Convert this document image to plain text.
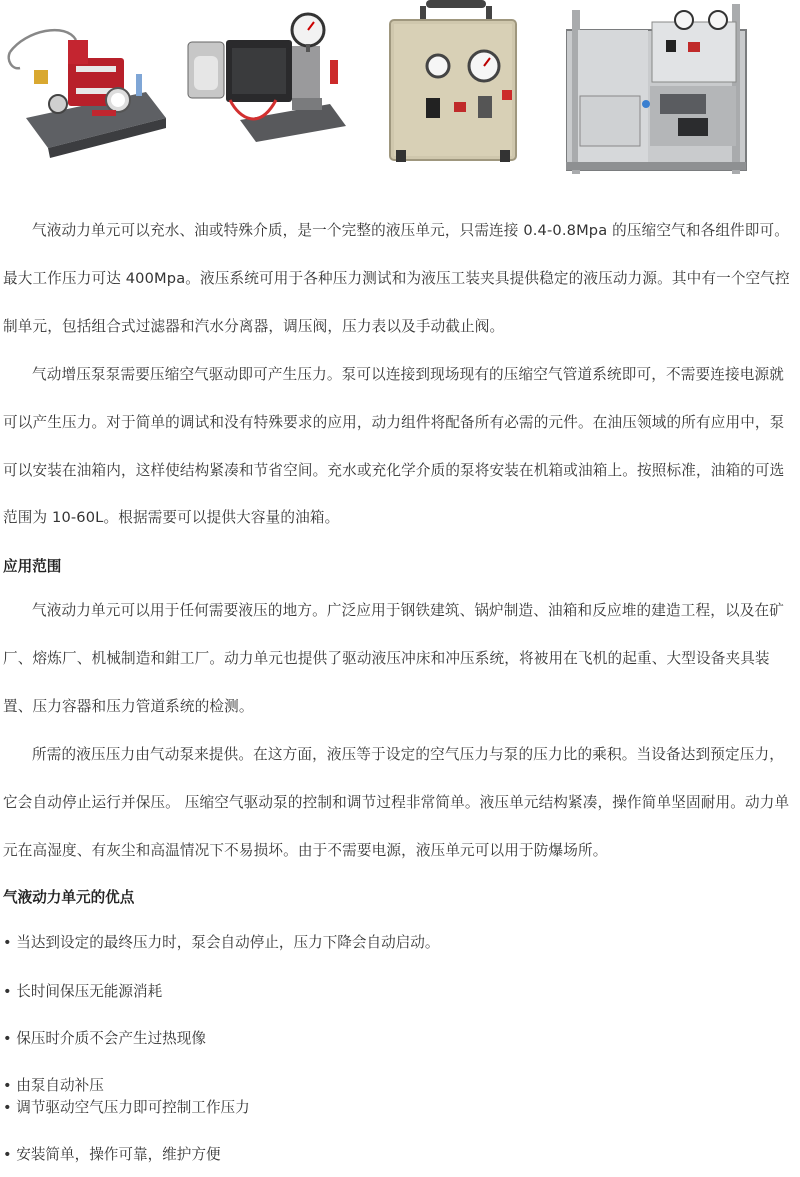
气液动力单元可以充水、油或特殊介质，是一个完整的液压单元，只需连接 0.4-0.8Mpa 的压缩空气和各组件即可。最大工作压力可达 400Mpa。液压系统可用于各种压力测试和为液压工装夹具提供稳定的液压动力源。其中有一个空气控制单元，包括组合式过滤器和汽水分离器，调压阀，压力表以及手动截止阀。

气动增压泵泵需要压缩空气驱动即可产生压力。泵可以连接到现场现有的压缩空气管道系统即可，不需要连接电源就可以产生压力。对于简单的调试和没有特殊要求的应用，动力组件将配备所有必需的元件。在油压领域的所有应用中，泵可以安装在油箱内，这样使结构紧凑和节省空间。充水或充化学介质的泵将安装在机箱或油箱上。按照标准，油箱的可选范围为 10-60L。根据需要可以提供大容量的油箱。

应用范围

气液动力单元可以用于任何需要液压的地方。广泛应用于钢铁建筑、锅炉制造、油箱和反应堆的建造工程，以及在矿厂、熔炼厂、机械制造和鉗工厂。动力单元也提供了驱动液压冲床和冲压系统，将被用在飞机的起重、大型设备夹具装置、压力容器和压力管道系统的检测。

所需的液压压力由气动泵来提供。在这方面，液压等于设定的空气压力与泵的压力比的乘积。当设备达到预定压力，它会自动停止运行并保压。 压缩空气驱动泵的控制和调节过程非常简单。液压单元结构紧凑，操作简单坚固耐用。动力单元在高湿度、有灰尘和高温情况下不易损坏。由于不需要电源，液压单元可以用于防爆场所。

气液动力单元的优点

• 当达到设定的最终压力时，泵会自动停止，压力下降会自动启动。

• 长时间保压无能源消耗

• 保压时介质不会产生过热现像

• 由泵自动补压

• 调节驱动空气压力即可控制工作压力

• 安装简单，操作可靠，维护方便
